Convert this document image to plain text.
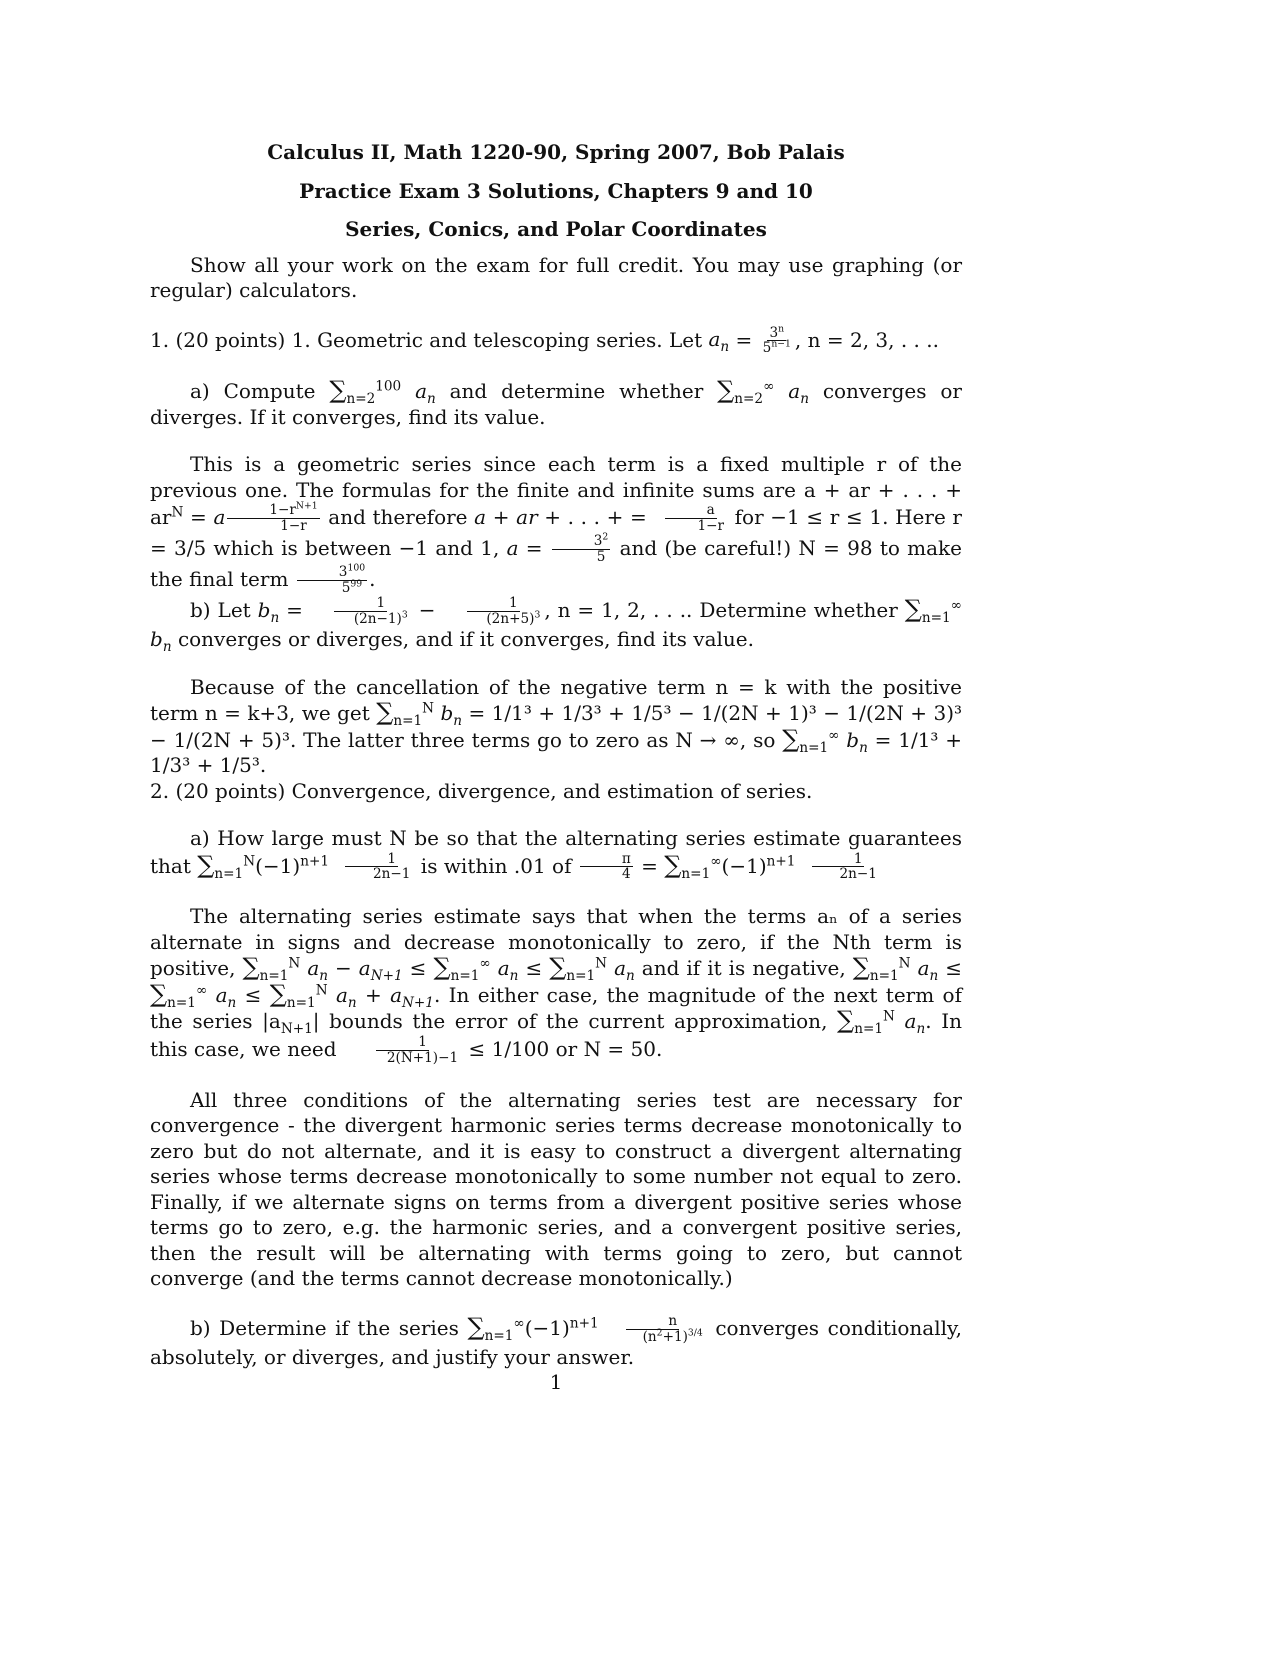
Calculus II, Math 1220-90, Spring 2007, Bob Palais
Practice Exam 3 Solutions, Chapters 9 and 10
Series, Conics, and Polar Coordinates

Show all your work on the exam for full credit. You may use graphing (or regular) calculators.

1. (20 points) 1. Geometric and telescoping series. Let $a_n = \frac{3^n}{5^{n-1}}$ , n = 2, 3, . . ..

a) Compute $\sum_{n=2}^{100}$ $a_n$ and determine whether $\sum_{n=2}^\infty$ $a_n$ converges or diverges. If it converges, find its value.

This is a geometric series since each term is a fixed multiple r of the previous one. The formulas for the finite and infinite sums are a + ar + . . . + $ar^N = a \frac{1-r^{N+1}}{1-r}$ and therefore a + ar + . . . + = $\frac{a}{1-r}$ for −1 ≤ r ≤ 1. Here r = 3/5 which is between −1 and 1, $a = \frac{3^2}{5}$ and (be careful!) N = 98 to make the final term $\frac{3^{100}}{5^{99}}$ .

b) Let $b_n = \frac{1}{(2n-1)^3} - \frac{1}{(2n+5)^3}$ , n = 1, 2, . . .. Determine whether $\sum_{n=1}^\infty$ $b_n$ converges or diverges, and if it converges, find its value.

Because of the cancellation of the negative term n = k with the positive term n = k+3, we get $\sum_{n=1}^N$ $b_n = 1/1^3 + 1/3^3 + 1/5^3 - 1/(2N + 1)^3 - 1/(2N + 3)^3 - 1/(2N + 5)^3$. The latter three terms go to zero as N → ∞, so $\sum_{n=1}^\infty$ $b_n = 1/1^3 + 1/3^3 + 1/5^3$.

2. (20 points) Convergence, divergence, and estimation of series.

a) How large must N be so that the alternating series estimate guarantees that $\sum_{n=1}^N(-1)^{n+1} \frac{1}{2n-1}$ is within .01 of $\frac{\pi}{4} = \sum_{n=1}^\infty(-1)^{n+1} \frac{1}{2n-1}$

The alternating series estimate says that when the terms aₙ of a series alternate in signs and decrease monotonically to zero, if the Nth term is positive, $\sum_{n=1}^N$ $a_n - a_{N+1} \le \sum_{n=1}^\infty$ $a_n \le \sum_{n=1}^N$ $a_n$ and if it is negative, $\sum_{n=1}^N$ $a_n \le \sum_{n=1}^\infty$ $a_n \le \sum_{n=1}^N$ $a_n + a_{N+1}$. In either case, the magnitude of the next term of the series $|a_{N+1}|$ bounds the error of the current approximation, $\sum_{n=1}^N$ $a_n$. In this case, we need $\frac{1}{2(N+1)-1} \le 1/100$ or N = 50.

All three conditions of the alternating series test are necessary for convergence - the divergent harmonic series terms decrease monotonically to zero but do not alternate, and it is easy to construct a divergent alternating series whose terms decrease monotonically to some number not equal to zero. Finally, if we alternate signs on terms from a divergent positive series whose terms go to zero, e.g. the harmonic series, and a convergent positive series, then the result will be alternating with terms going to zero, but cannot converge (and the terms cannot decrease monotonically.)

b) Determine if the series $\sum_{n=1}^\infty(-1)^{n+1} \frac{n}{(n^2+1)^{3/4}}$ converges conditionally, absolutely, or diverges, and justify your answer.

1
